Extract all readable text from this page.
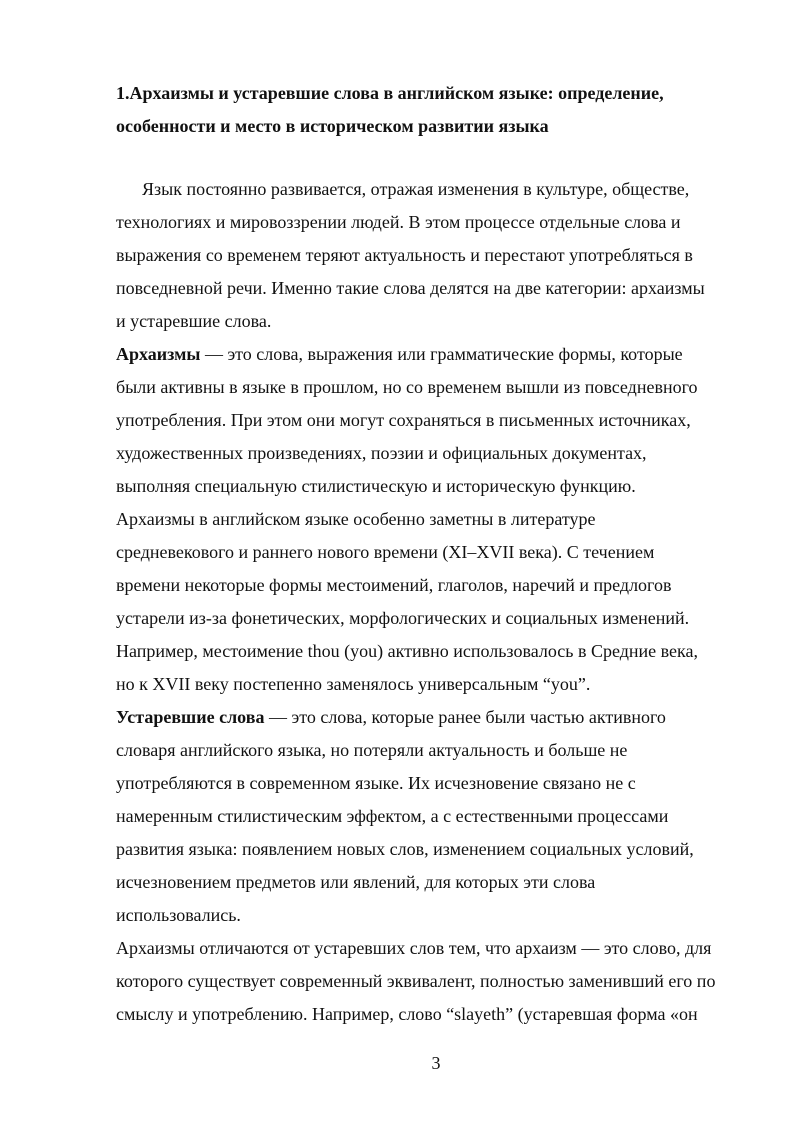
1.Архаизмы и устаревшие слова в английском языке: определение,
особенности и место в историческом развитии языка
Язык постоянно развивается, отражая изменения в культуре, обществе,
технологиях и мировоззрении людей. В этом процессе отдельные слова и
выражения со временем теряют актуальность и перестают употребляться в
повседневной речи. Именно такие слова делятся на две категории: архаизмы
и устаревшие слова.
Архаизмы — это слова, выражения или грамматические формы, которые
были активны в языке в прошлом, но со временем вышли из повседневного
употребления. При этом они могут сохраняться в письменных источниках,
художественных произведениях, поэзии и официальных документах,
выполняя специальную стилистическую и историческую функцию.
Архаизмы в английском языке особенно заметны в литературе
средневекового и раннего нового времени (XI–XVII века). С течением
времени некоторые формы местоимений, глаголов, наречий и предлогов
устарели из-за фонетических, морфологических и социальных изменений.
Например, местоимение thou (you) активно использовалось в Средние века,
но к XVII веку постепенно заменялось универсальным “you”.
Устаревшие слова — это слова, которые ранее были частью активного
словаря английского языка, но потеряли актуальность и больше не
употребляются в современном языке. Их исчезновение связано не с
намеренным стилистическим эффектом, а с естественными процессами
развития языка: появлением новых слов, изменением социальных условий,
исчезновением предметов или явлений, для которых эти слова
использовались.
Архаизмы отличаются от устаревших слов тем, что архаизм — это слово, для
которого существует современный эквивалент, полностью заменивший его по
смыслу и употреблению. Например, слово “slayeth” (устаревшая форма «он
3
